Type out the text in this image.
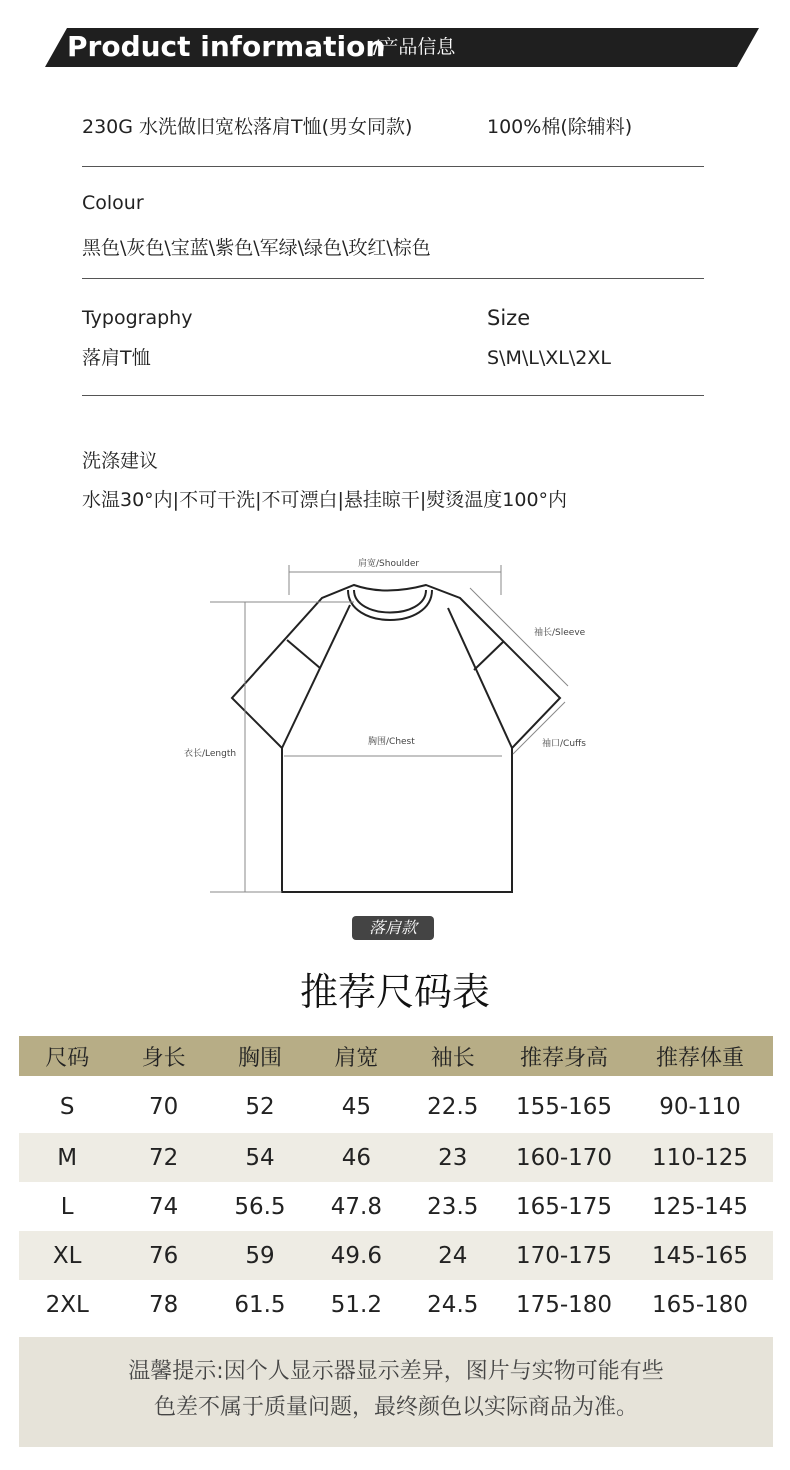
Product information
/产品信息
230G 水洗做旧宽松落肩T恤(男女同款)	100%棉(除辅料)
Colour
黑色\灰色\宝蓝\紫色\军绿\绿色\玫红\棕色
Typography
落肩T恤
Size
S\M\L\XL\2XL
洗涤建议
水温30°内|不可干洗|不可漂白|悬挂晾干|熨烫温度100°内
肩宽/Shoulder
袖长/Sleeve
袖口/Cuffs
胸围/Chest
衣长/Length
落肩款
推荐尺码表
尺码	身长	胸围	肩宽	袖长	推荐身高	推荐体重
S	70	52	45	22.5	155-165	90-110
M	72	54	46	23	160-170	110-125
L	74	56.5	47.8	23.5	165-175	125-145
XL	76	59	49.6	24	170-175	145-165
2XL	78	61.5	51.2	24.5	175-180	165-180
温馨提示:因个人显示器显示差异，图片与实物可能有些
色差不属于质量问题，最终颜色以实际商品为准。
